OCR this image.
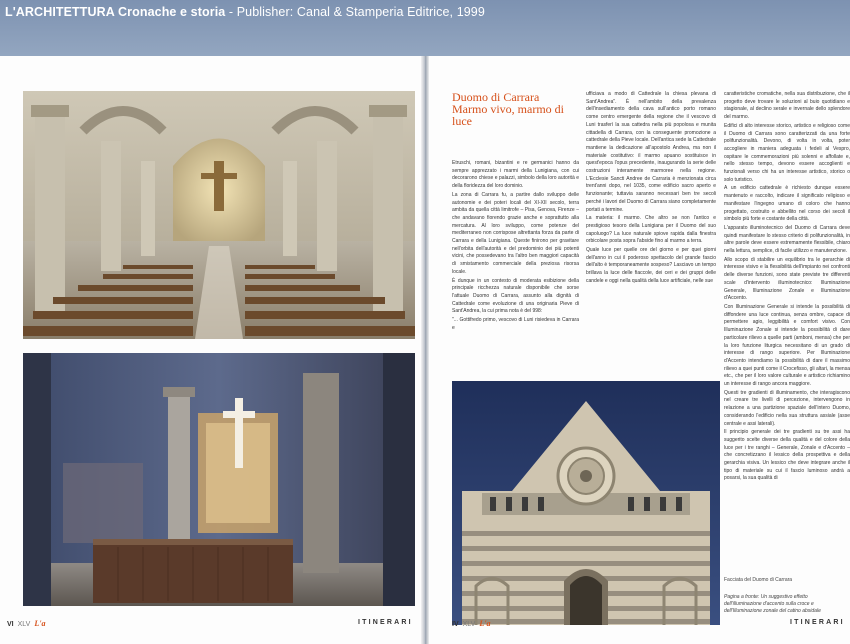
L'ARCHITETTURA Cronache e storia - Publisher: Canal & Stamperia Editrice, 1999
Duomo di Carrara
Marmo vivo, marmo di luce

Etruschi, romani, bizantini e re germanici hanno da sempre apprezzato i marmi della Lunigiana, con cui decorarono chiese e palazzi, simbolo della loro autorità e della floridezza del loro dominio.

La zona di Carrara fu, a partire dallo sviluppo delle autonomie e dei poteri locali del XI-XII secolo, terra ambita da quella città limitrofe – Pisa, Genova, Firenze – che andavano fiorendo grazie anche e soprattutto alla mercatura. Al loro sviluppo, come potenze del mediterraneo non corrispose altrettanta forza da parte di Carrara e della Lunigiana. Queste finirono per gravitare nell'orbita dell'autorità e del predominio dei più potenti vicini, che possedevano tra l'altro ben maggiori capacità di smistamento commerciale della preziosa risorsa locale.

È dunque in un contesto di moderata esibizione della principale ricchezza naturale disponibile che sorse l'attuale Duomo di Carrara, assunto alla dignità di Cattedrale come evoluzione di una originaria Pieve di Sant'Andrea, la cui prima nota è del 998:

"... Gottifredo primo, vescovo di Luni risiedeva in Carrara e

ufficiava a modo di Cattedrale la chiesa plevana di Sant'Andrea". È nell'ambito della prevalenza dell'insediamento della cava sull'antico porto romano come centro emergente della regione che il vescovo di Luni trasferì la sua cattedra nella più popolosa e munita cittadella di Carrara, con la conseguente promozione a cattedrale della Pieve locale. Dell'antica sede la Cattedrale mantiene la dedicazione all'apostolo Andrea, ma non il materiale costitutivo: il marmo apuano sostituisce in quest'epoca l'opus precedente, inaugurando la serie delle costruzioni interamente marmoree nella regione. L'Ecclesie Sancti Andree de Carraria è menzionata circa trent'anni dopo, nel 1035, come edificio sacro aperto e funzionante; tuttavia saranno necessari ben tre secoli perché i lavori del Duomo di Carrara siano completamente portati a termine.

La materia: il marmo. Che altro se non l'antico e prestigioso tesoro della Lunigiana per il Duomo del suo capoluogo? La luce naturale spiove rapida dalla finestra orbicolare posta sopra l'abside fino al marmo a terra.

Quale luce per quelle ore del giorno e per quei giorni dell'anno in cui il poderoso spettacolo del grande fascio dell'alto è temporaneamente sospeso? Lasciavo un tempo brillava la luce delle fiaccole, dei ceri e dei gruppi delle candele e oggi nella qualità della luce artificiale, nelle sue

caratteristiche cromatiche, nella sua distribuzione, che il progetto deve trovare le soluzioni al buio quotidiano e stagionale, al declino serale e invernale dello splendore del marmo.

Edifici di alto interesse storico, artistico e religioso come il Duomo di Carrara sono caratterizzati da una forte polifunzionalità. Devono, di volta in volta, poter accogliere in maniera adeguata i fedeli al Vespro, ospitare le commemorazioni più solenni e affollate e, nello stesso tempo, devono essere accoglienti e funzionali verso chi ha un interesse artistico, storico o solo turistico.

A un edificio cattedrale è richiesto dunque essere mantenuto e raccolto, indicare il significato religioso e manifestare l'ingegno umano di coloro che hanno progettato, costruito e abbellito nel corso dei secoli il simbolo più forte e costante della città.

L'apparato illuminotecnico del Duomo di Carrara deve quindi manifestare lo stesso criterio di polifunzionalità, in altre parole deve essere estremamente flessibile, chiaro nella lettura, semplice, di facile utilizzo e manutenzione.

Allo scopo di stabilire un equilibrio tra le gerarchie di interesse visivo e la flessibilità dell'impianto nei confronti delle diverse funzioni, sono state previste tre differenti scale d'intervento illuminotecnico: Illuminazione Generale, Illuminazione Zonale e Illuminazione d'Accento.

Con Illuminazione Generale si intende la possibilità di diffondere una luce continua, senza ombre, capace di permettere agio, leggibilità e comfort visivo. Con Illuminazione Zonale si intende la possibilità di dare particolare rilievo a quelle parti (amboni, mensa) che per la loro funzione liturgica necessitano di un grado di interesse di rango superiore. Per Illuminazione d'Accento intendiamo la possibilità di dare il massimo rilievo a quei punti come il Crocefisso, gli altari, la mensa etc., che per il loro valore culturale e artistico richiamino un interesse di rango ancora maggiore.

Questi tre gradienti di illuminamento, che interagiscono nel creare tre livelli di percezione, intervengono in relazione a una partizione spaziale dell'intero Duomo, considerando l'edificio nella sua struttura assiale (asse centrale e assi laterali).

Il principio generale dei tre gradienti su tre assi ha suggerito scelte diverse della qualità e del colore della luce per i tre ranghi – Generale, Zonale e d'Accento – che concretizzano il lessico della prospettiva e della gerarchia visiva. Un lessico che deve integrare anche il tipo di materiale su cui il fascio luminoso andrà a posarsi, la sua qualità di

Facciata del Duomo di Carrara
Pagina a fronte: Un suggestivo effetto dell'illuminazione d'accento sulla croce e dell'Illuminazione zonale del catino absidale
VI XLV L'a	ITINERARI	IV XLV L'a	ITINERARI
